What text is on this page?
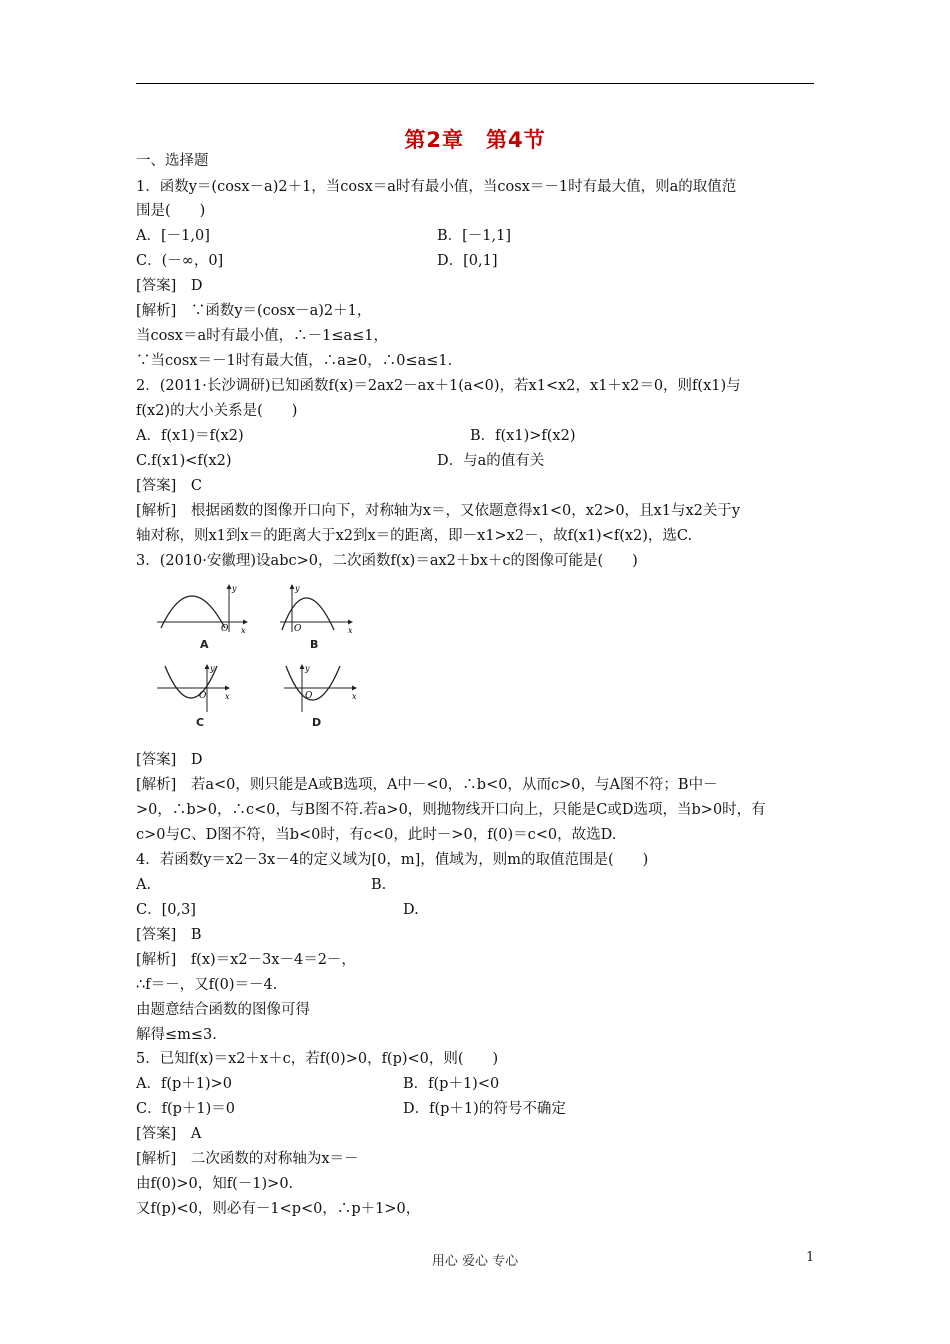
第2章　第4节
一、选择题
1．函数y＝(cosx－a)2＋1，当cosx＝a时有最小值，当cosx＝－1时有最大值，则a的取值范
围是(　　)
A．[－1,0]	B．[－1,1]
C．(－∞，0]	D．[0,1]
[答案]　D
[解析]　∵函数y＝(cosx－a)2＋1，
当cosx＝a时有最小值，∴－1≤a≤1，
∵当cosx＝－1时有最大值，∴a≥0，∴0≤a≤1.
2．(2011·长沙调研)已知函数f(x)＝2ax2－ax＋1(a<0)，若x1<x2，x1＋x2＝0，则f(x1)与
f(x2)的大小关系是(　　)
A．f(x1)＝f(x2)	B．f(x1)>f(x2)
C.f(x1)<f(x2)	D．与a的值有关
[答案]　C
[解析]　根据函数的图像开口向下，对称轴为x＝，又依题意得x1<0，x2>0，且x1与x2关于y
轴对称，则x1到x＝的距离大于x2到x＝的距离，即－x1>x2－，故f(x1)<f(x2)，选C.
3．(2010·安徽理)设abc>0，二次函数f(x)＝ax2＋bx＋c的图像可能是(　　)
O x
y
A
O	x
y
B
O x
y
C
O	x
y
D
[答案]　D
[解析]　若a<0，则只能是A或B选项，A中－<0，∴b<0，从而c>0，与A图不符；B中－
>0，∴b>0，∴c<0，与B图不符.若a>0，则抛物线开口向上，只能是C或D选项，当b>0时，有
c>0与C、D图不符，当b<0时，有c<0，此时－>0，f(0)＝c<0，故选D.
4．若函数y＝x2－3x－4的定义域为[0，m]，值域为，则m的取值范围是(　　)
A.	B.
C．[0,3]	D.
[答案]　B
[解析]　f(x)＝x2－3x－4＝2－，
∴f＝－，又f(0)＝－4.
由题意结合函数的图像可得
解得≤m≤3.
5．已知f(x)＝x2＋x＋c，若f(0)>0，f(p)<0，则(　　)
A．f(p＋1)>0	B．f(p＋1)<0
C．f(p＋1)＝0	D．f(p＋1)的符号不确定
[答案]　A
[解析]　二次函数的对称轴为x＝－
由f(0)>0，知f(－1)>0.
又f(p)<0，则必有－1<p<0，∴p＋1>0，
用心 爱心 专心	1
